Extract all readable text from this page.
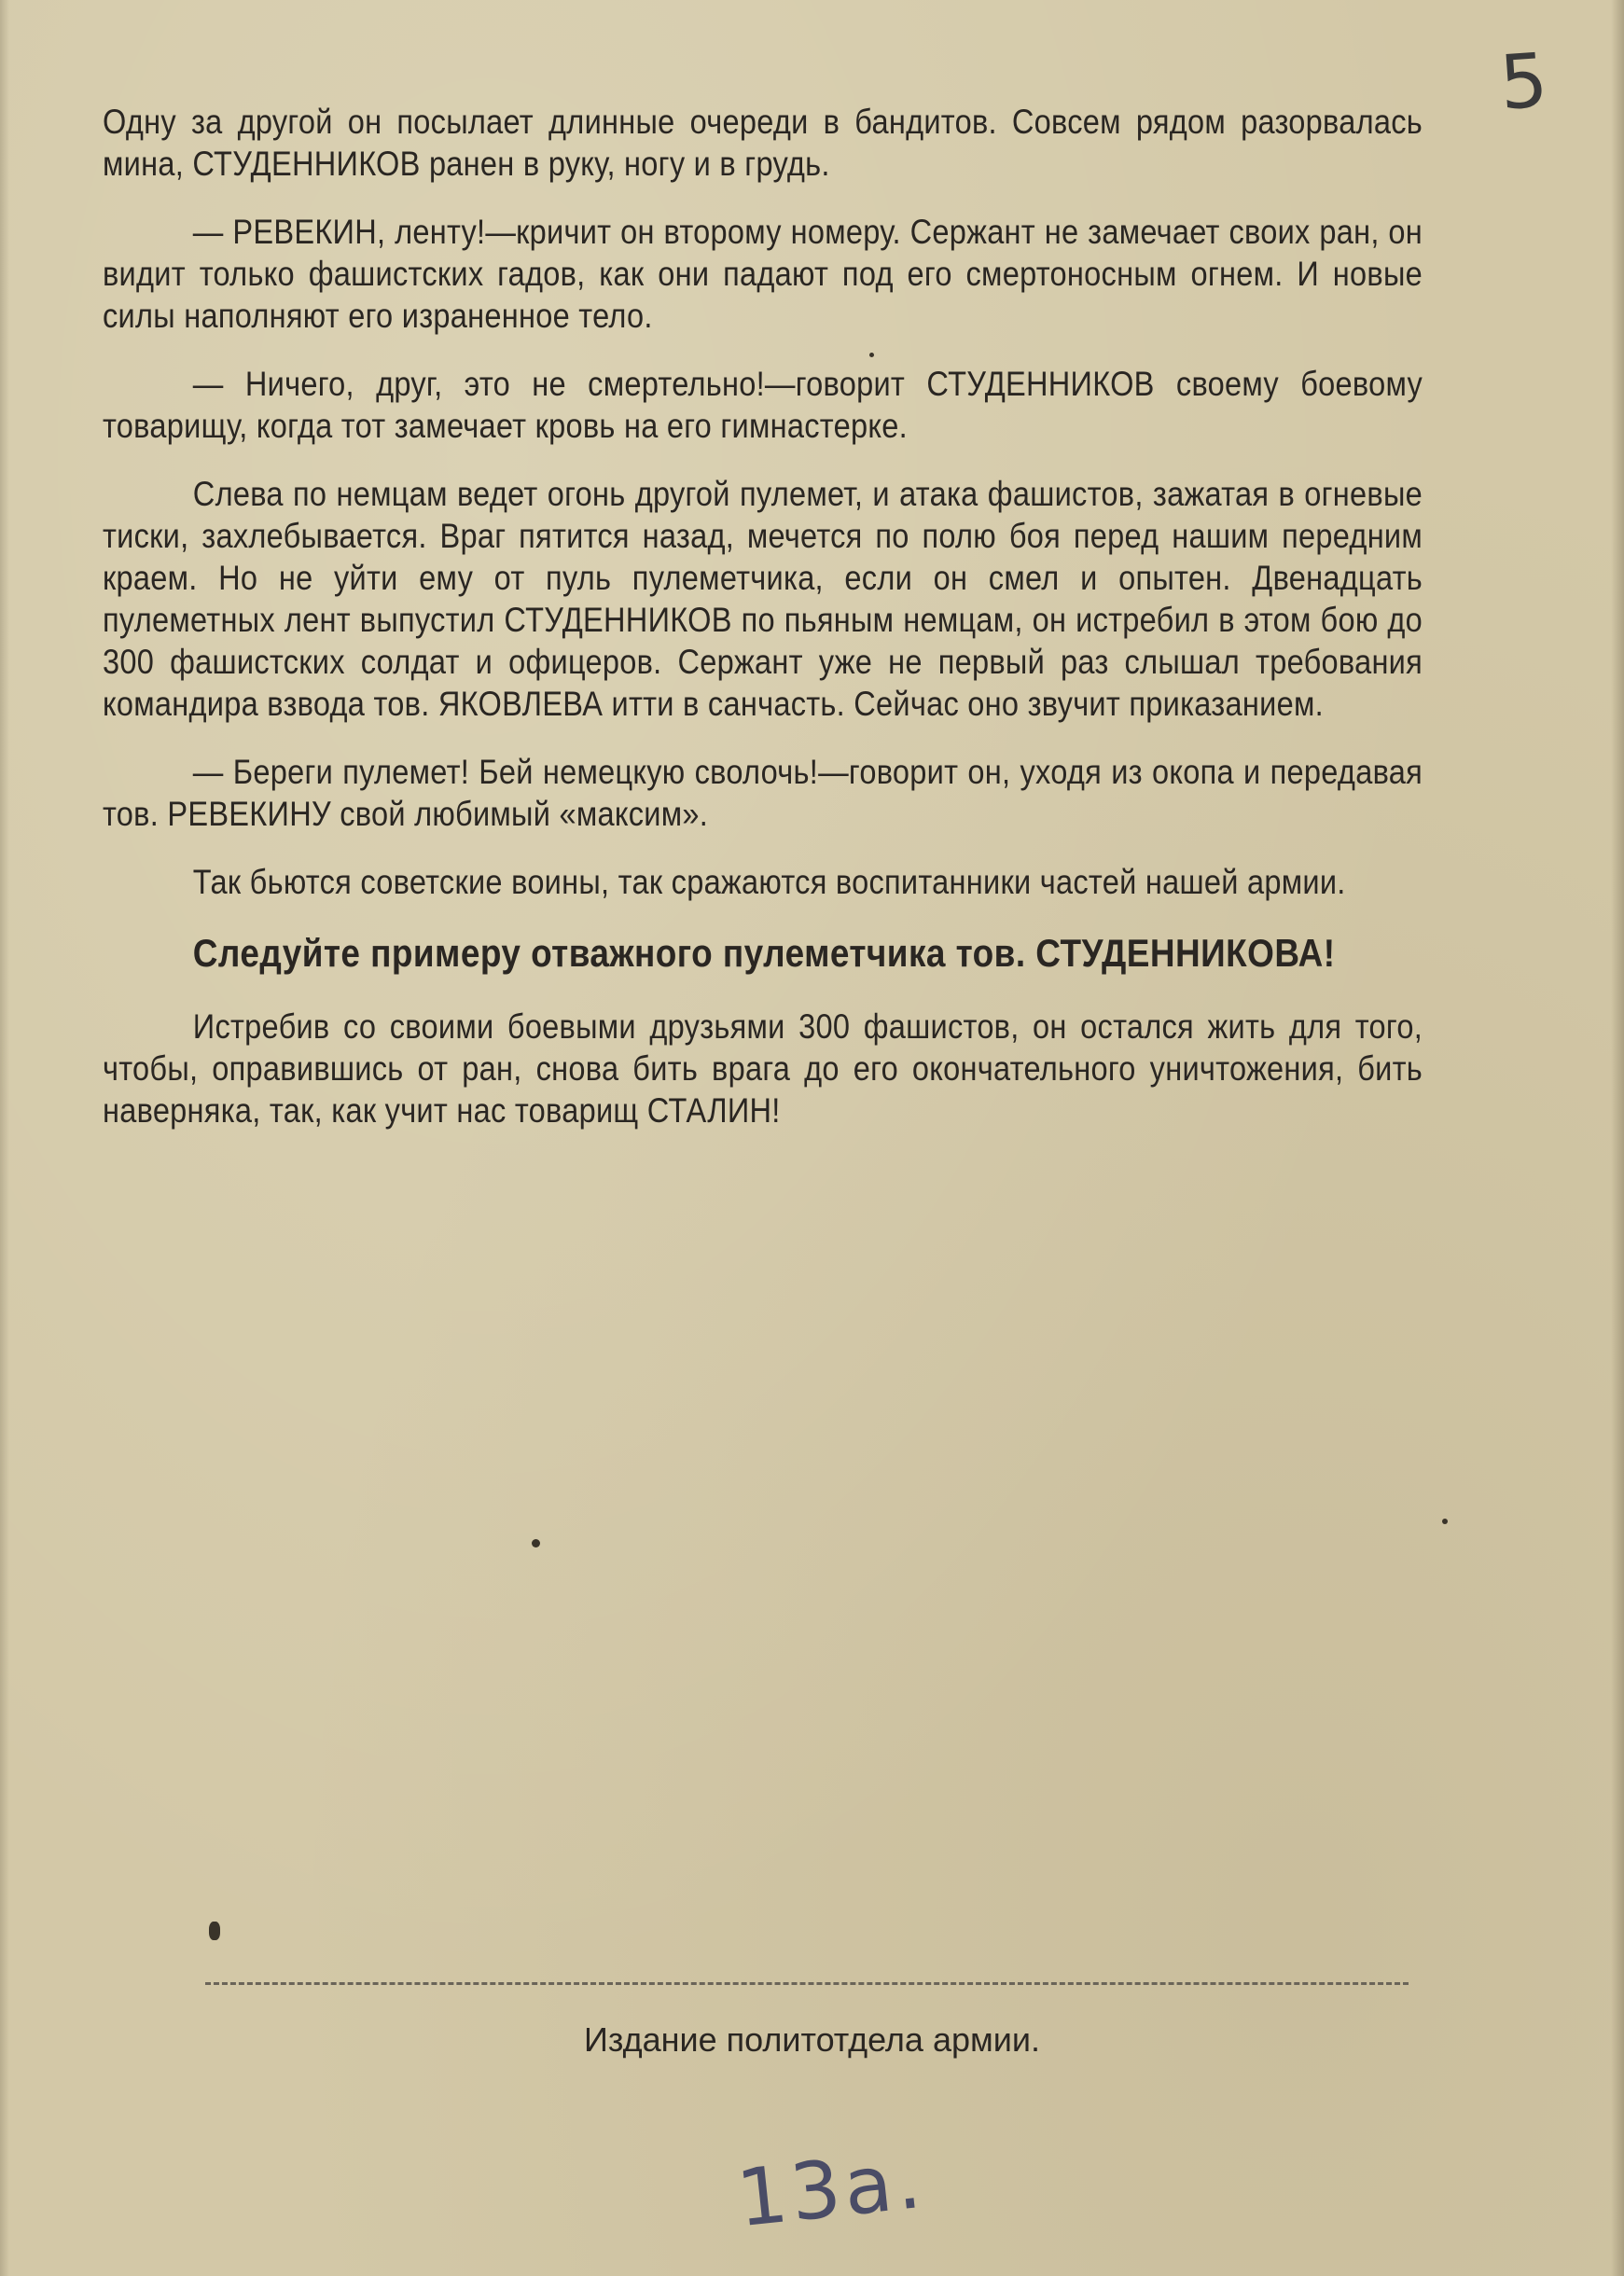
5

Одну за другой он посылает длинные очереди в бандитов. Совсем рядом разорвалась мина, СТУДЕННИКОВ ранен в руку, ногу и в грудь.

— РЕВЕКИН, ленту!—кричит он второму номеру. Сержант не замечает своих ран, он видит только фашистских гадов, как они падают под его смертоносным огнем. И новые силы наполняют его израненное тело.

— Ничего, друг, это не смертельно!—говорит СТУДЕННИКОВ своему боевому товарищу, когда тот замечает кровь на его гимнастерке.

Слева по немцам ведет огонь другой пулемет, и атака фашистов, зажатая в огневые тиски, захлебывается. Враг пятится назад, мечется по полю боя перед нашим передним краем. Но не уйти ему от пуль пулеметчика, если он смел и опытен. Двенадцать пулеметных лент выпустил СТУДЕННИКОВ по пьяным немцам, он истребил в этом бою до 300 фашистских солдат и офицеров. Сержант уже не первый раз слышал требования командира взвода тов. ЯКОВЛЕВА итти в санчасть. Сейчас оно звучит приказанием.

— Береги пулемет! Бей немецкую сволочь!—говорит он, уходя из окопа и передавая тов. РЕВЕКИНУ свой любимый «максим».

Так бьются советские воины, так сражаются воспитанники частей нашей армии.

Следуйте примеру отважного пулеметчика тов. СТУДЕННИКОВА!

Истребив со своими боевыми друзьями 300 фашистов, он остался жить для того, чтобы, оправившись от ран, снова бить врага до его окончательного уничтожения, бить наверняка, так, как учит нас товарищ СТАЛИН!

Издание политотдела армии.
13а.
